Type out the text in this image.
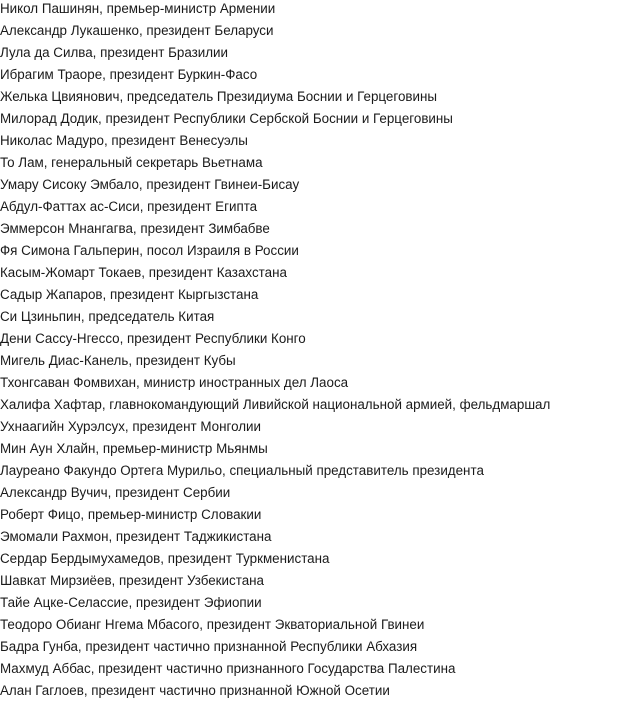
Никол Пашинян, премьер-министр Армении
Александр Лукашенко, президент Беларуси
Лула да Силва, президент Бразилии
Ибрагим Траоре, президент Буркин-Фасо
Желька Цвиянович, председатель Президиума Боснии и Герцеговины
Милорад Додик, президент Республики Сербской Боснии и Герцеговины
Николас Мадуро, президент Венесуэлы
То Лам, генеральный секретарь Вьетнама
Умару Сисоку Эмбало, президент Гвинеи-Бисау
Абдул-Фаттах ас-Сиси, президент Египта
Эммерсон Мнангагва, президент Зимбабве
Фя Симона Гальперин, посол Израиля в России
Касым-Жомарт Токаев, президент Казахстана
Садыр Жапаров, президент Кыргызстана
Си Цзиньпин, председатель Китая
Дени Сассу-Нгессо, президент Республики Конго
Мигель Диас-Канель, президент Кубы
Тхонгсаван Фомвихан, министр иностранных дел Лаоса
Халифа Хафтар, главнокомандующий Ливийской национальной армией, фельдмаршал
Ухнаагийн Хурэлсух, президент Монголии
Мин Аун Хлайн, премьер-министр Мьянмы
Лауреано Факундо Ортега Мурильо, специальный представитель президента
Александр Вучич, президент Сербии
Роберт Фицо, премьер-министр Словакии
Эмомали Рахмон, президент Таджикистана
Сердар Бердымухамедов, президент Туркменистана
Шавкат Мирзиёев, президент Узбекистана
Тайе Ацке-Селассие, президент Эфиопии
Теодоро Обианг Нгема Мбасого, президент Экваториальной Гвинеи
Бадра Гунба, президент частично признанной Республики Абхазия
Махмуд Аббас, президент частично признанного Государства Палестина
Алан Гаглоев, президент частично признанной Южной Осетии
